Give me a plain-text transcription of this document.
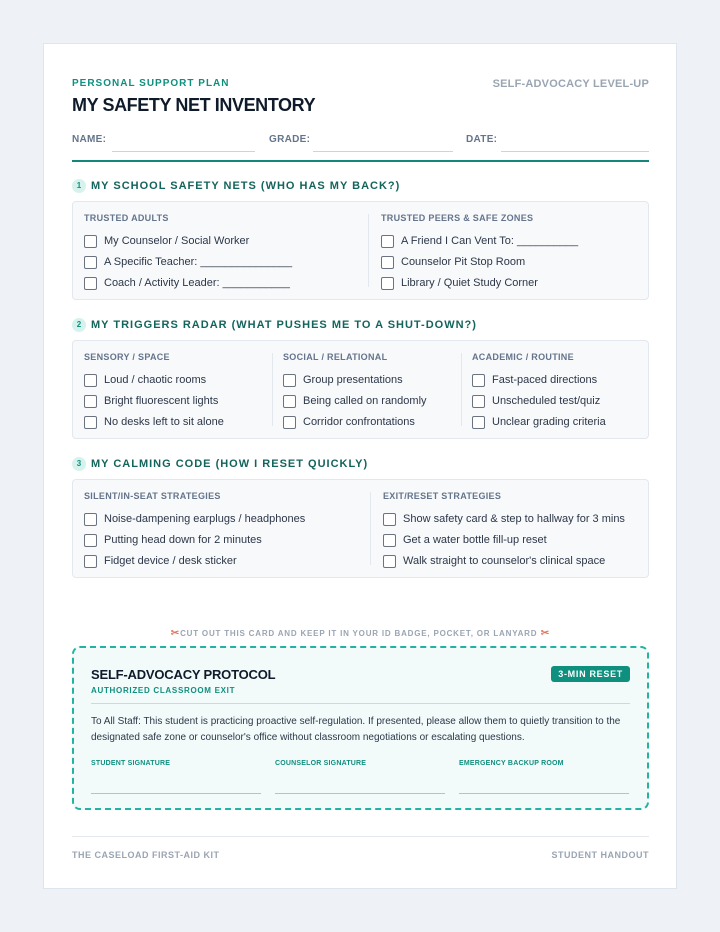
PERSONAL SUPPORT PLAN
MY SAFETY NET INVENTORY
SELF-ADVOCACY LEVEL-UP
NAME:	GRADE:	DATE:
1 MY SCHOOL SAFETY NETS (WHO HAS MY BACK?)
TRUSTED ADULTS
My Counselor / Social Worker
A Specific Teacher: _______________
Coach / Activity Leader: ___________
TRUSTED PEERS & SAFE ZONES
A Friend I Can Vent To: __________
Counselor Pit Stop Room
Library / Quiet Study Corner
2 MY TRIGGERS RADAR (WHAT PUSHES ME TO A SHUT-DOWN?)
SENSORY / SPACE
Loud / chaotic rooms
Bright fluorescent lights
No desks left to sit alone
SOCIAL / RELATIONAL
Group presentations
Being called on randomly
Corridor confrontations
ACADEMIC / ROUTINE
Fast-paced directions
Unscheduled test/quiz
Unclear grading criteria
3 MY CALMING CODE (HOW I RESET QUICKLY)
SILENT/IN-SEAT STRATEGIES
Noise-dampening earplugs / headphones
Putting head down for 2 minutes
Fidget device / desk sticker
EXIT/RESET STRATEGIES
Show safety card & step to hallway for 3 mins
Get a water bottle fill-up reset
Walk straight to counselor's clinical space
✂CUT OUT THIS CARD AND KEEP IT IN YOUR ID BADGE, POCKET, OR LANYARD ✂
SELF-ADVOCACY PROTOCOL
AUTHORIZED CLASSROOM EXIT
3-MIN RESET
To All Staff: This student is practicing proactive self-regulation. If presented, please allow them to quietly transition to the designated safe zone or counselor's office without classroom negotiations or escalating questions.
STUDENT SIGNATURE	COUNSELOR SIGNATURE	EMERGENCY BACKUP ROOM
THE CASELOAD FIRST-AID KIT	STUDENT HANDOUT
